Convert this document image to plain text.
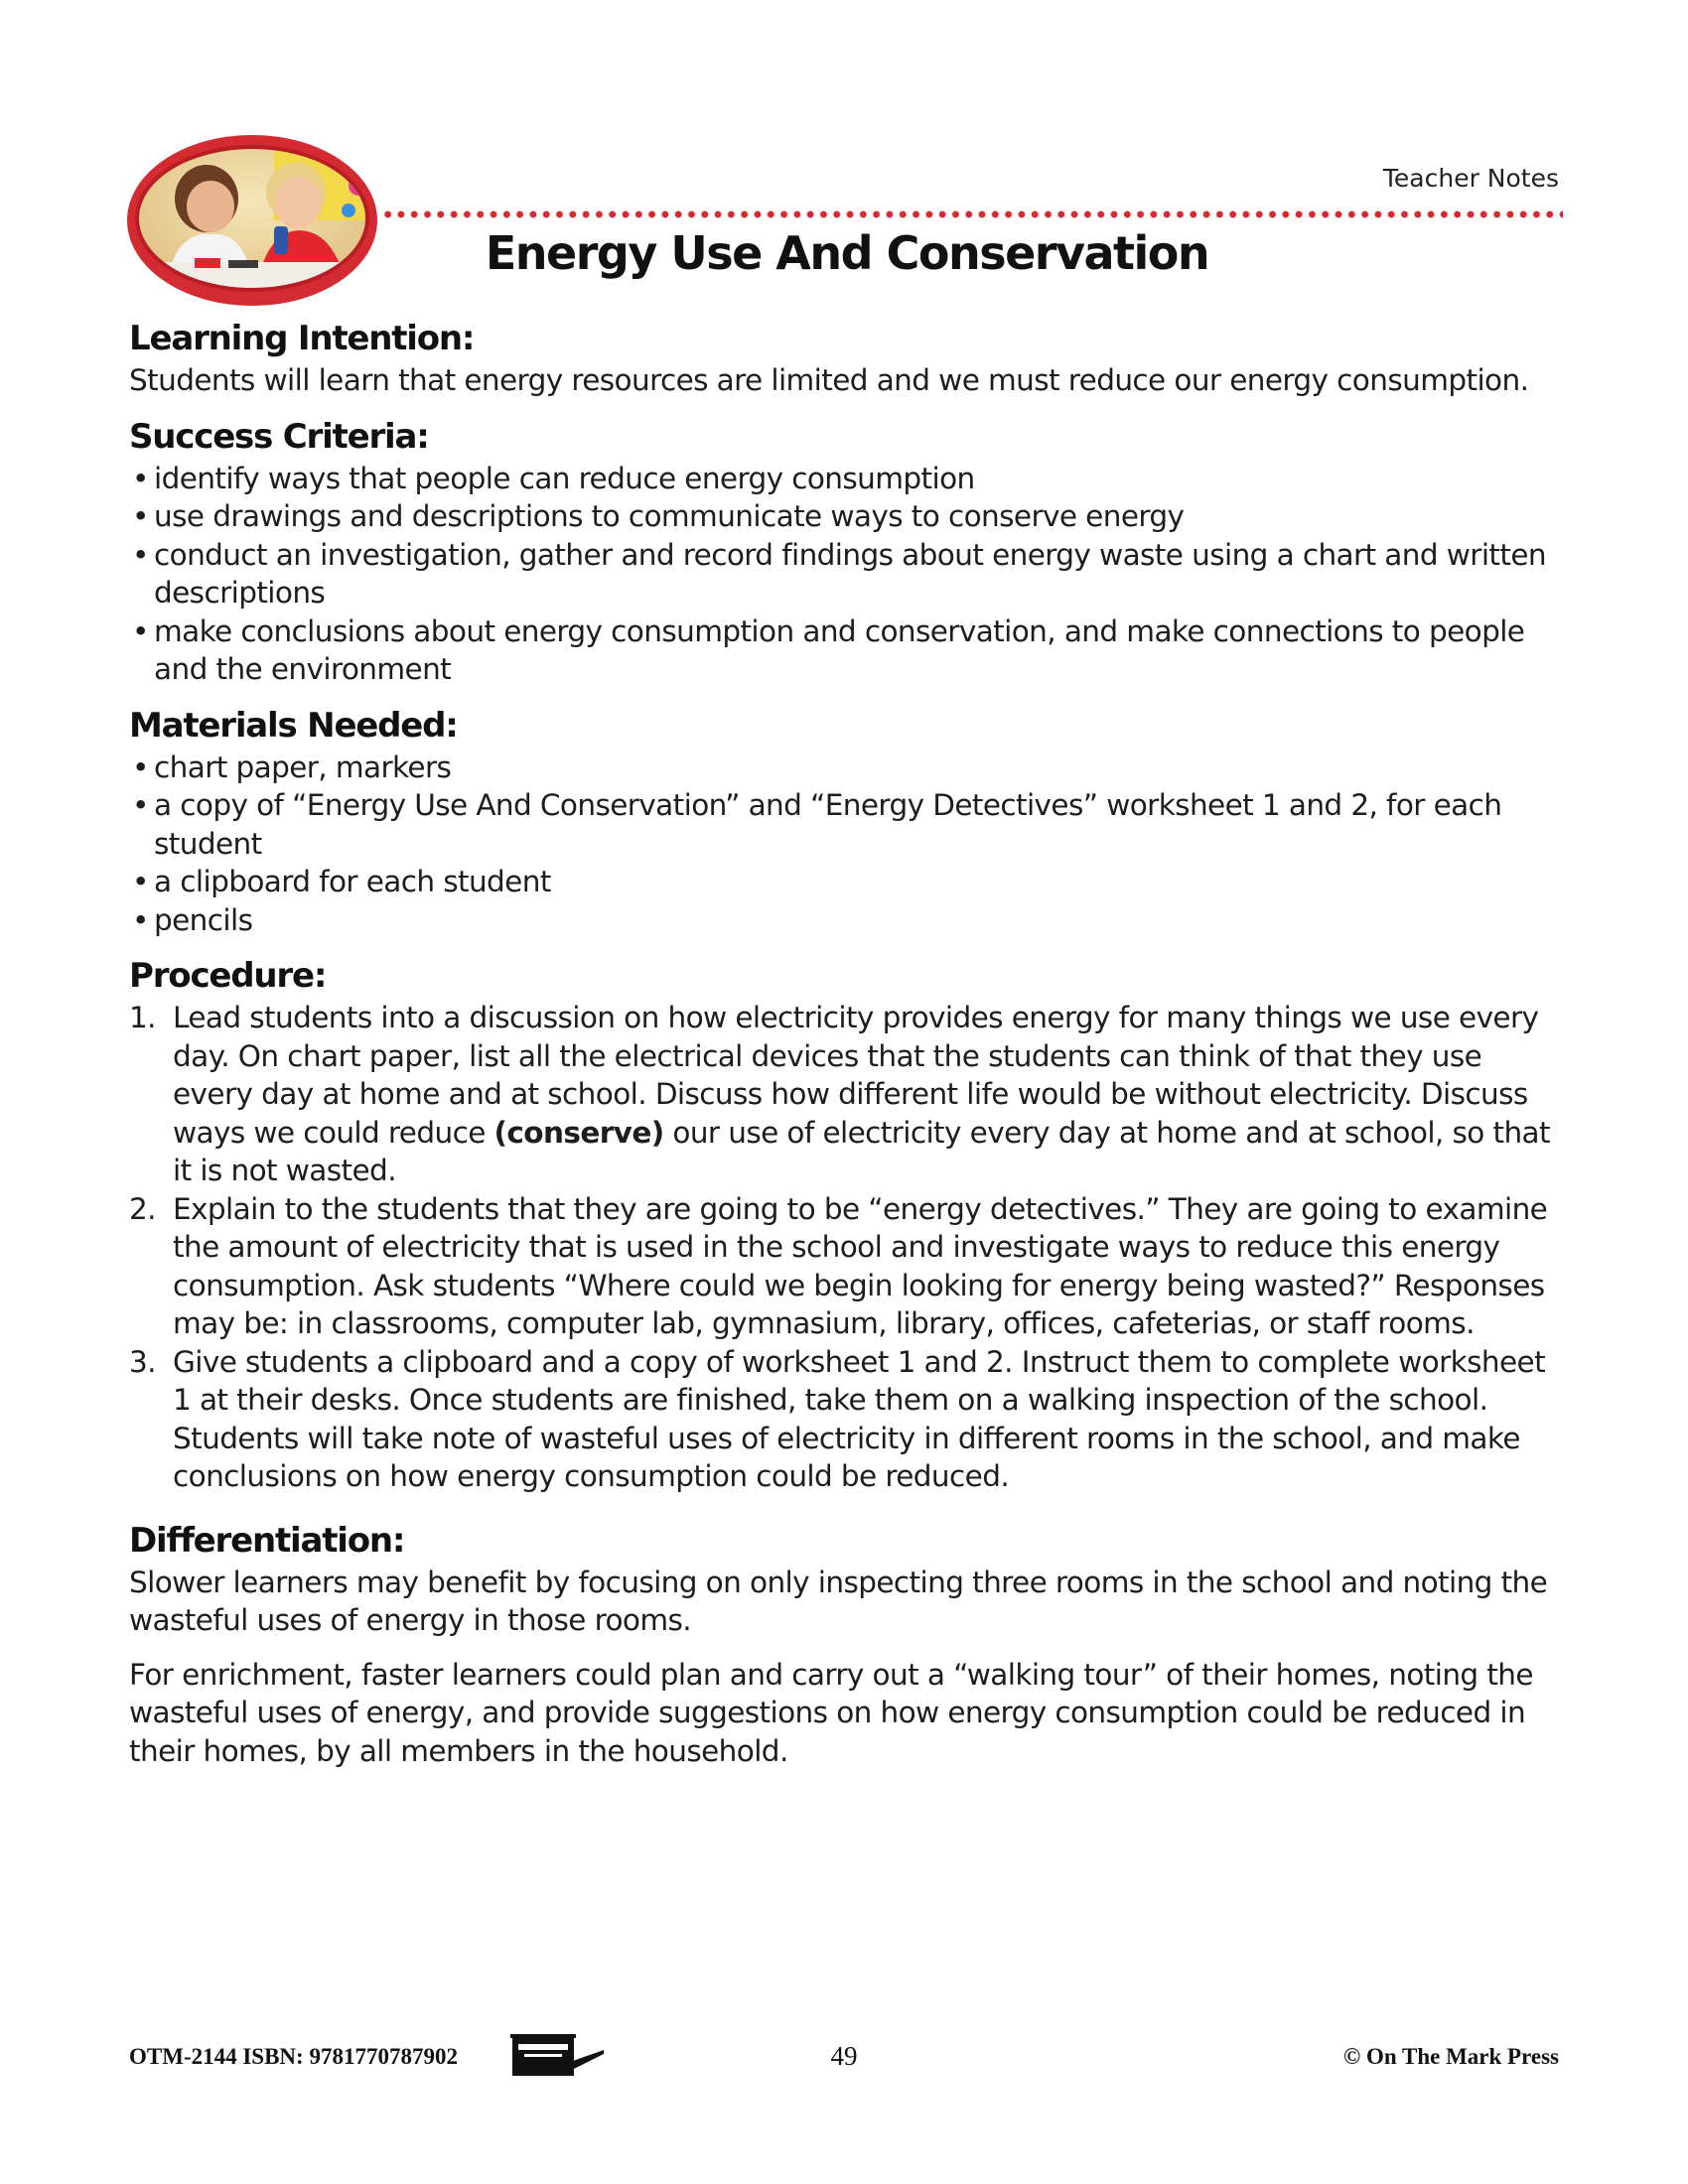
Teacher Notes
Energy Use And Conservation
Learning Intention:

Students will learn that energy resources are limited and we must reduce our energy consumption.

Success Criteria:
• identify ways that people can reduce energy consumption
• use drawings and descriptions to communicate ways to conserve energy
• conduct an investigation, gather and record findings about energy waste using a chart and written descriptions
• make conclusions about energy consumption and conservation, and make connections to people and the environment
Materials Needed:
• chart paper, markers
• a copy of “Energy Use And Conservation” and “Energy Detectives” worksheet 1 and 2, for each student
• a clipboard for each student
• pencils
Procedure:
1. Lead students into a discussion on how electricity provides energy for many things we use every day. On chart paper, list all the electrical devices that the students can think of that they use every day at home and at school. Discuss how different life would be without electricity. Discuss ways we could reduce (conserve) our use of electricity every day at home and at school, so that it is not wasted.
2. Explain to the students that they are going to be “energy detectives.” They are going to examine the amount of electricity that is used in the school and investigate ways to reduce this energy consumption. Ask students “Where could we begin looking for energy being wasted?” Responses may be: in classrooms, computer lab, gymnasium, library, offices, cafeterias, or staff rooms.
3. Give students a clipboard and a copy of worksheet 1 and 2. Instruct them to complete worksheet 1 at their desks. Once students are finished, take them on a walking inspection of the school. Students will take note of wasteful uses of electricity in different rooms in the school, and make conclusions on how energy consumption could be reduced.
Differentiation:

Slower learners may benefit by focusing on only inspecting three rooms in the school and noting the wasteful uses of energy in those rooms.

For enrichment, faster learners could plan and carry out a “walking tour” of their homes, noting the wasteful uses of energy, and provide suggestions on how energy consumption could be reduced in their homes, by all members in the household.

OTM-2144 ISBN: 9781770787902	49	© On The Mark Press
